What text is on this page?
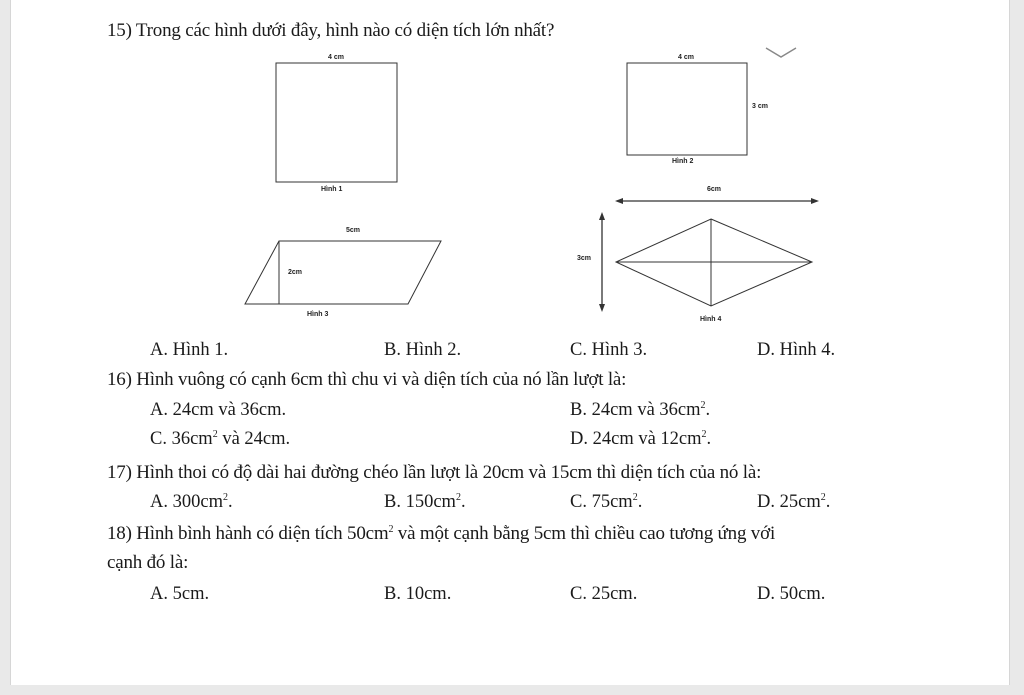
15) Trong các hình dưới đây, hình nào có diện tích lớn nhất?
4 cm
Hình 1
4 cm
3 cm
Hình 2
5cm
2cm
Hình 3
6cm
3cm
Hình 4
A. Hình 1.	B. Hình 2.	C. Hình 3.	D. Hình 4.
16) Hình vuông có cạnh 6cm thì chu vi và diện tích của nó lần lượt là:
A. 24cm và 36cm.	B. 24cm và $36cm^2$.
C. $36cm^2$ và 24cm.	D. 24cm và $12cm^2$.
17) Hình thoi có độ dài hai đường chéo lần lượt là 20cm và 15cm thì diện tích của nó là:
A. $300cm^2$.	B. $150cm^2$.	C. $75cm^2$.	D. $25cm^2$.
18) Hình bình hành có diện tích $50cm^2$ và một cạnh bằng 5cm thì chiều cao tương ứng với
cạnh đó là:
A. 5cm.	B. 10cm.	C. 25cm.	D. 50cm.
